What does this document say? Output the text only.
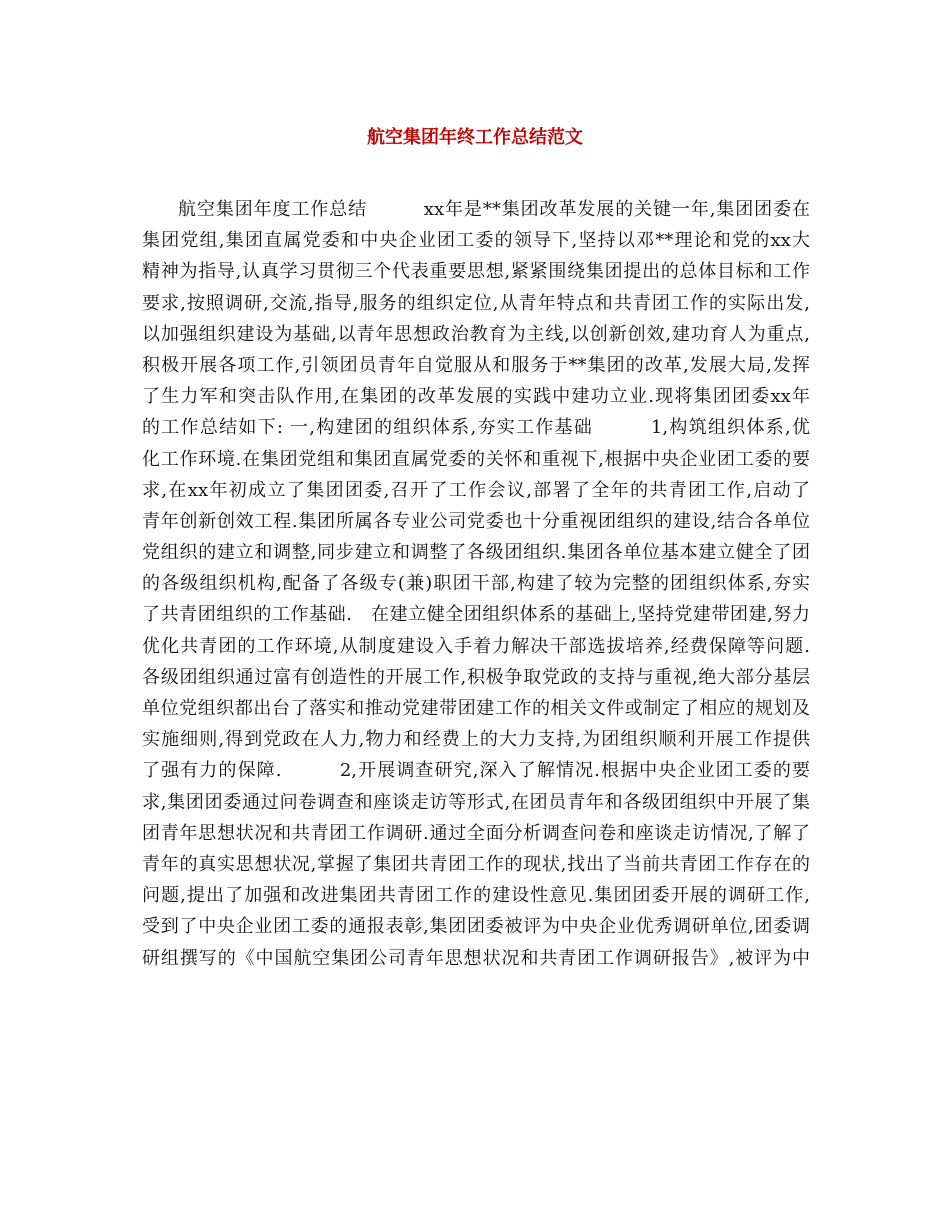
航空集团年终工作总结范文
航空集团年度工作总结　　　xx年是**集团改革发展的关键一年,集团团委在
集团党组,集团直属党委和中央企业团工委的领导下,坚持以邓**理论和党的xx大
精神为指导,认真学习贯彻三个代表重要思想,紧紧围绕集团提出的总体目标和工作
要求,按照调研,交流,指导,服务的组织定位,从青年特点和共青团工作的实际出发,
以加强组织建设为基础,以青年思想政治教育为主线,以创新创效,建功育人为重点,
积极开展各项工作,引领团员青年自觉服从和服务于**集团的改革,发展大局,发挥
了生力军和突击队作用,在集团的改革发展的实践中建功立业.现将集团团委xx年
的工作总结如下: 一,构建团的组织体系,夯实工作基础　　　1,构筑组织体系,优
化工作环境.在集团党组和集团直属党委的关怀和重视下,根据中央企业团工委的要
求,在xx年初成立了集团团委,召开了工作会议,部署了全年的共青团工作,启动了
青年创新创效工程.集团所属各专业公司党委也十分重视团组织的建设,结合各单位
党组织的建立和调整,同步建立和调整了各级团组织.集团各单位基本建立健全了团
的各级组织机构,配备了各级专(兼)职团干部,构建了较为完整的团组织体系,夯实
了共青团组织的工作基础.　在建立健全团组织体系的基础上,坚持党建带团建,努力
优化共青团的工作环境,从制度建设入手着力解决干部选拔培养,经费保障等问题.
各级团组织通过富有创造性的开展工作,积极争取党政的支持与重视,绝大部分基层
单位党组织都出台了落实和推动党建带团建工作的相关文件或制定了相应的规划及
实施细则,得到党政在人力,物力和经费上的大力支持,为团组织顺利开展工作提供
了强有力的保障.　　　2,开展调查研究,深入了解情况.根据中央企业团工委的要
求,集团团委通过问卷调查和座谈走访等形式,在团员青年和各级团组织中开展了集
团青年思想状况和共青团工作调研.通过全面分析调查问卷和座谈走访情况,了解了
青年的真实思想状况,掌握了集团共青团工作的现状,找出了当前共青团工作存在的
问题,提出了加强和改进集团共青团工作的建设性意见.集团团委开展的调研工作,
受到了中央企业团工委的通报表彰,集团团委被评为中央企业优秀调研单位,团委调
研组撰写的《中国航空集团公司青年思想状况和共青团工作调研报告》,被评为中
